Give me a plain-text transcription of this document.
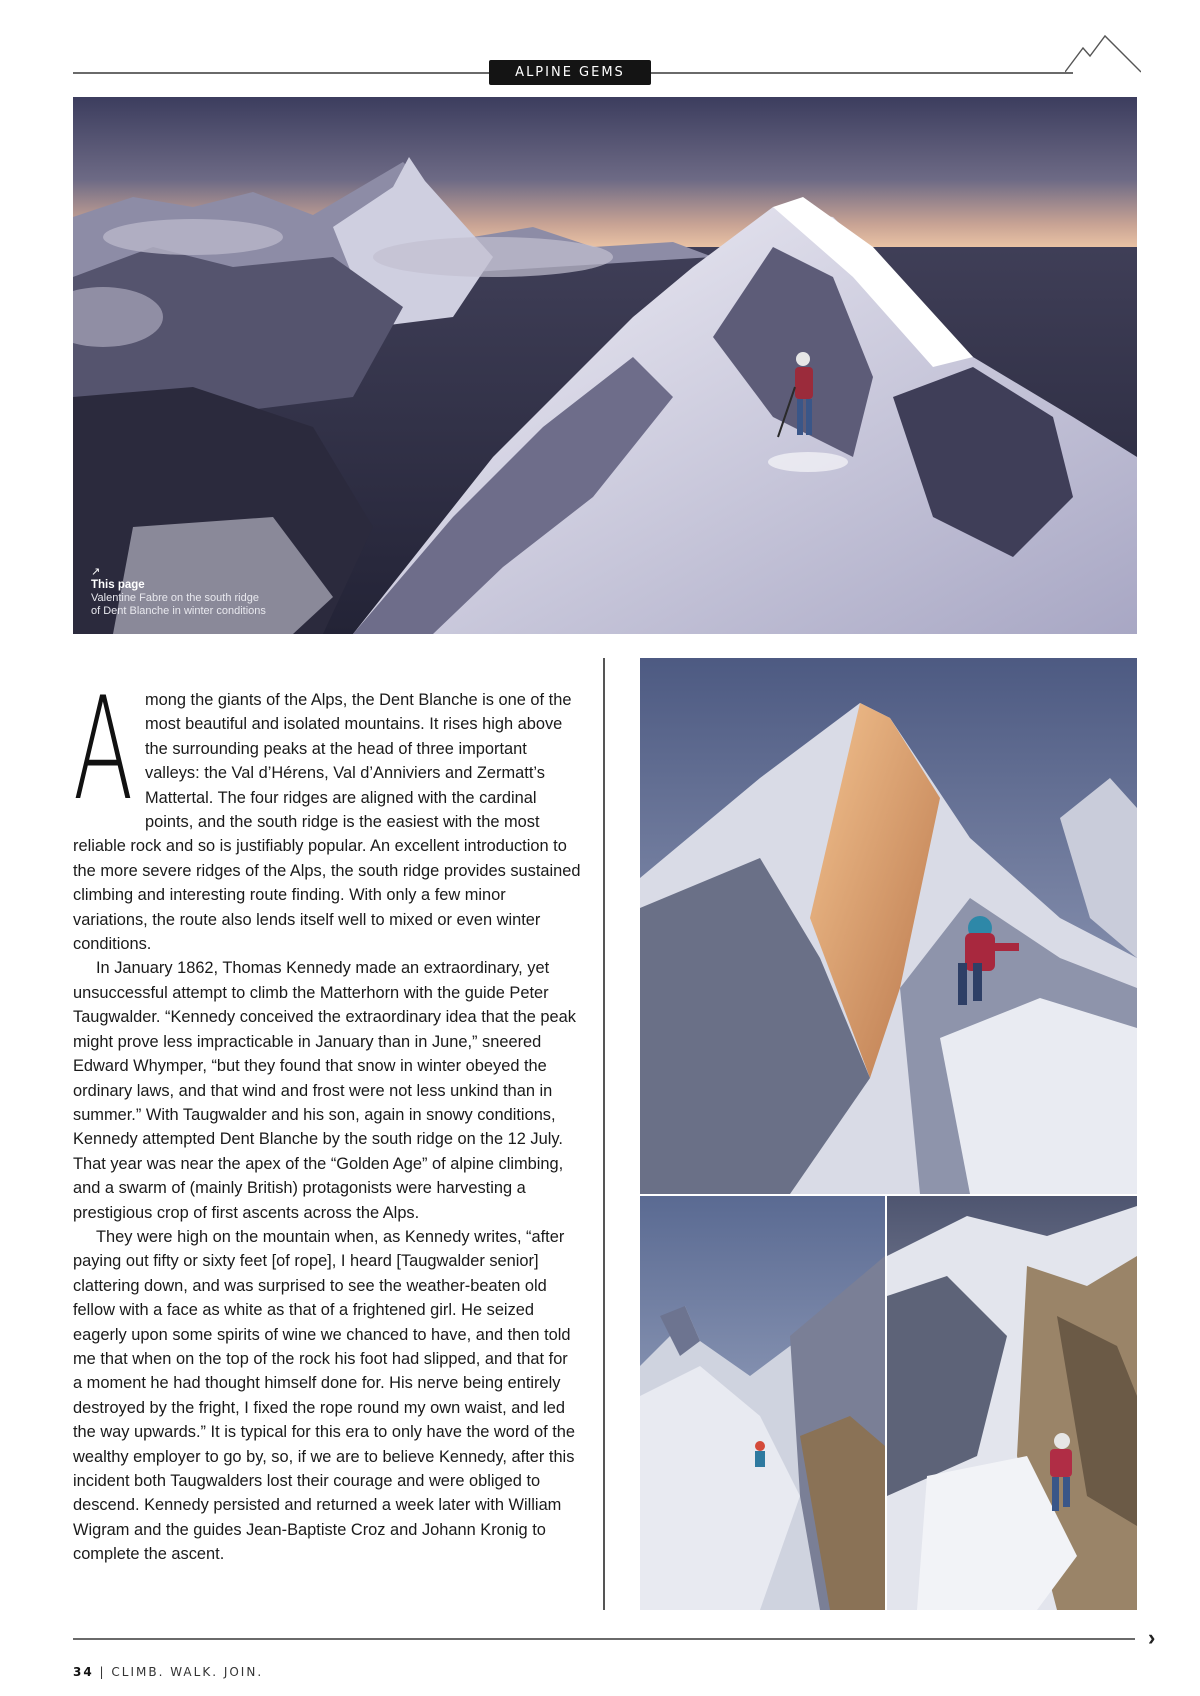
ALPINE GEMS
↗
This page
Valentine Fabre on the south ridge
of Dent Blanche in winter conditions
A mong the giants of the Alps, the Dent Blanche is one of the most beautiful and isolated mountains. It rises high above the surrounding peaks at the head of three important valleys: the Val d’Hérens, Val d’Anniviers and Zermatt’s Mattertal. The four ridges are aligned with the cardinal points, and the south ridge is the easiest with the most reliable rock and so is justifiably popular. An excellent introduction to the more severe ridges of the Alps, the south ridge provides sustained climbing and interesting route finding. With only a few minor variations, the route also lends itself well to mixed or even winter conditions.

In January 1862, Thomas Kennedy made an extraordinary, yet unsuccessful attempt to climb the Matterhorn with the guide Peter Taugwalder. “Kennedy conceived the extraordinary idea that the peak might prove less impracticable in January than in June,” sneered Edward Whymper, “but they found that snow in winter obeyed the ordinary laws, and that wind and frost were not less unkind than in summer.” With Taugwalder and his son, again in snowy conditions, Kennedy attempted Dent Blanche by the south ridge on the 12 July. That year was near the apex of the “Golden Age” of alpine climbing, and a swarm of (mainly British) protagonists were harvesting a prestigious crop of first ascents across the Alps.

They were high on the mountain when, as Kennedy writes, “after paying out fifty or sixty feet [of rope], I heard [Taugwalder senior] clattering down, and was surprised to see the weather-beaten old fellow with a face as white as that of a frightened girl. He seized eagerly upon some spirits of wine we chanced to have, and then told me that when on the top of the rock his foot had slipped, and that for a moment he had thought himself done for. His nerve being entirely destroyed by the fright, I fixed the rope round my own waist, and led the way upwards.” It is typical for this era to only have the word of the wealthy employer to go by, so, if we are to believe Kennedy, after this incident both Taugwalders lost their courage and were obliged to descend. Kennedy persisted and returned a week later with William Wigram and the guides Jean-Baptiste Croz and Johann Kronig to complete the ascent.

›
34 | CLIMB. WALK. JOIN.
